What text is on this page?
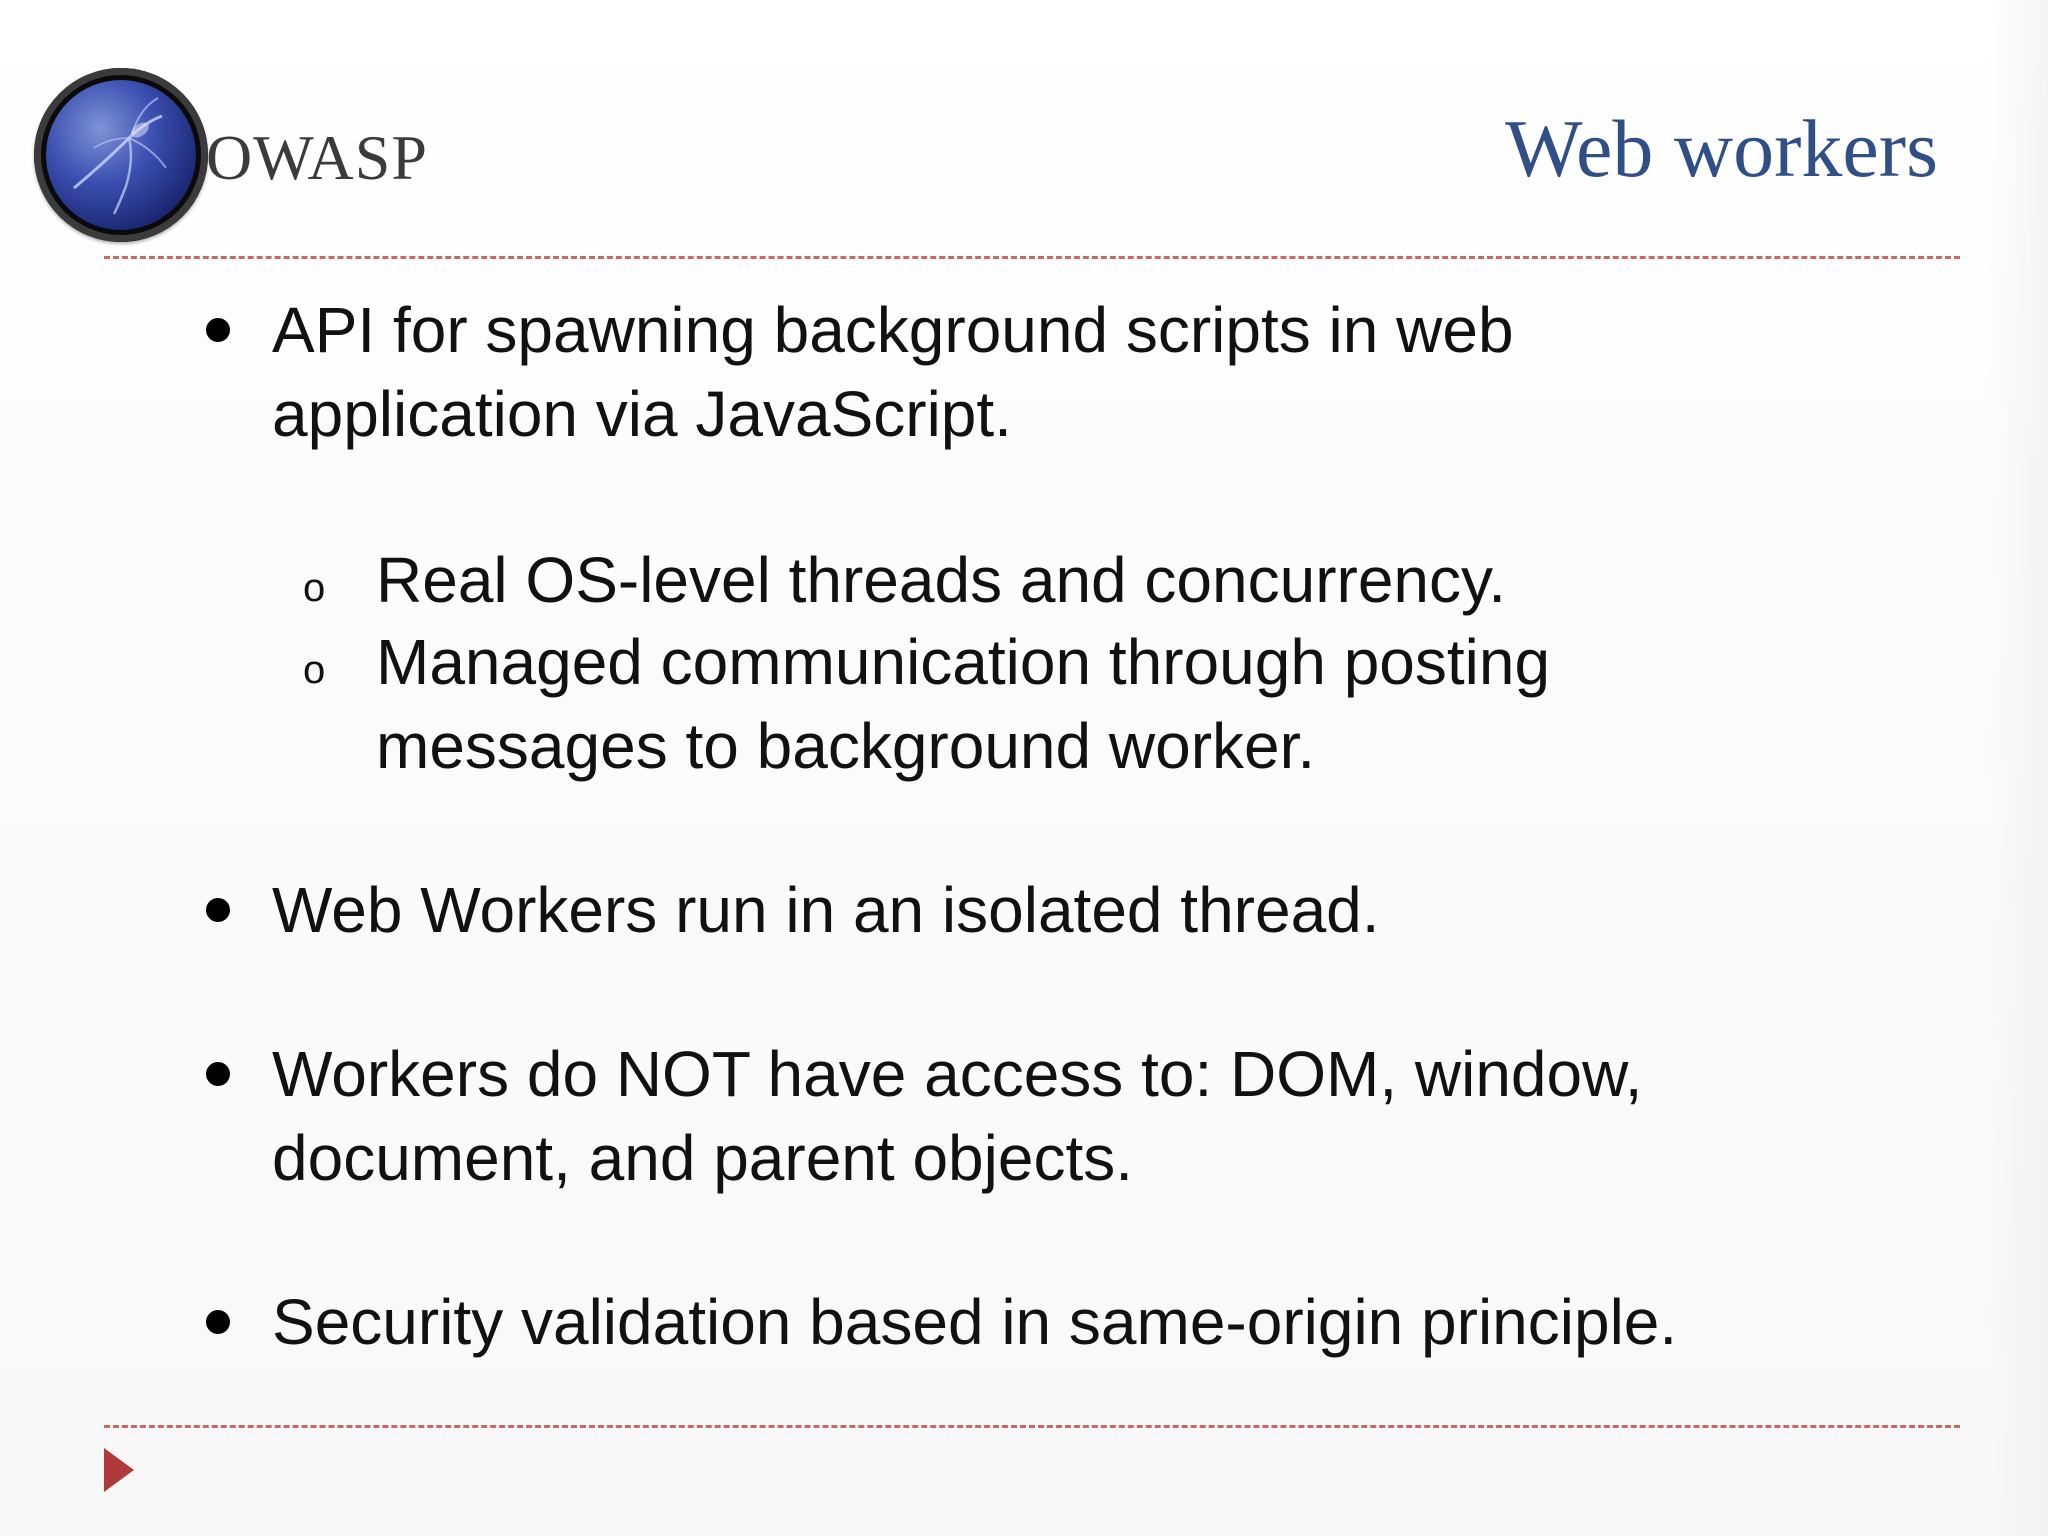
OWASP	Web workers
API for spawning background scripts in web
application via JavaScript.
o Real OS-level threads and concurrency.
o Managed communication through posting
messages to background worker.
Web Workers run in an isolated thread.
Workers do NOT have access to: DOM, window,
document, and parent objects.
Security validation based in same-origin principle.
